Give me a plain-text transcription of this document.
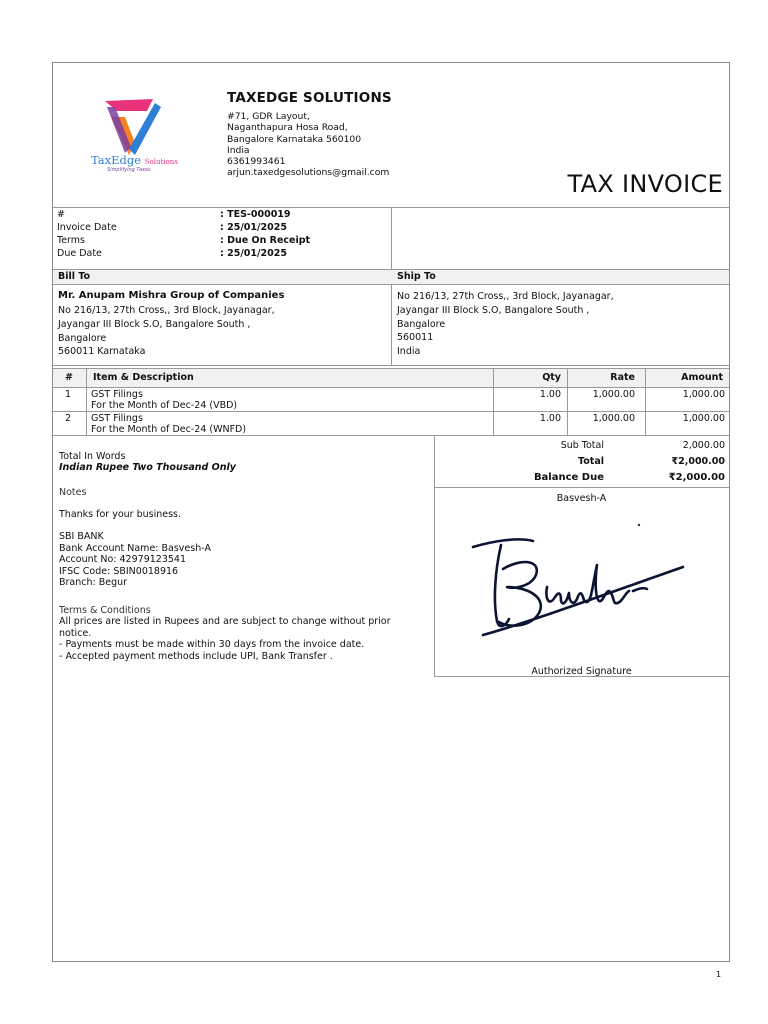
TaxEdge Solutions
Simplifying Taxes
TAXEDGE SOLUTIONS
#71, GDR Layout,
Naganthapura Hosa Road,
Bangalore Karnataka 560100
India
6361993461
arjun.taxedgesolutions@gmail.com	TAX INVOICE
#	: TES-000019
Invoice Date	: 25/01/2025
Terms	: Due On Receipt
Due Date	: 25/01/2025
Bill To	Ship To
Mr. Anupam Mishra Group of Companies
No 216/13, 27th Cross,, 3rd Block, Jayanagar,
Jayangar III Block S.O, Bangalore South ,
Bangalore
560011 Karnataka
No 216/13, 27th Cross,, 3rd Block, Jayanagar,
Jayangar III Block S.O, Bangalore South ,
Bangalore
560011
India
# Item & Description	Qty	Rate	Amount
1 GST Filings
For the Month of Dec-24 (VBD)
1.00	1,000.00	1,000.00
2 GST Filings
For the Month of Dec-24 (WNFD)
1.00	1,000.00	1,000.00
Total In Words
Indian Rupee Two Thousand Only
Notes
Thanks for your business.
SBI BANK
Bank Account Name: Basvesh-A
Account No: 42979123541
IFSC Code: SBIN0018916
Branch: Begur
Terms & Conditions
All prices are listed in Rupees and are subject to change without prior
notice.
- Payments must be made within 30 days from the invoice date.
- Accepted payment methods include UPI, Bank Transfer .
Sub Total	2,000.00
Total	₹2,000.00
Balance Due	₹2,000.00
Basvesh-A
Authorized Signature
1
